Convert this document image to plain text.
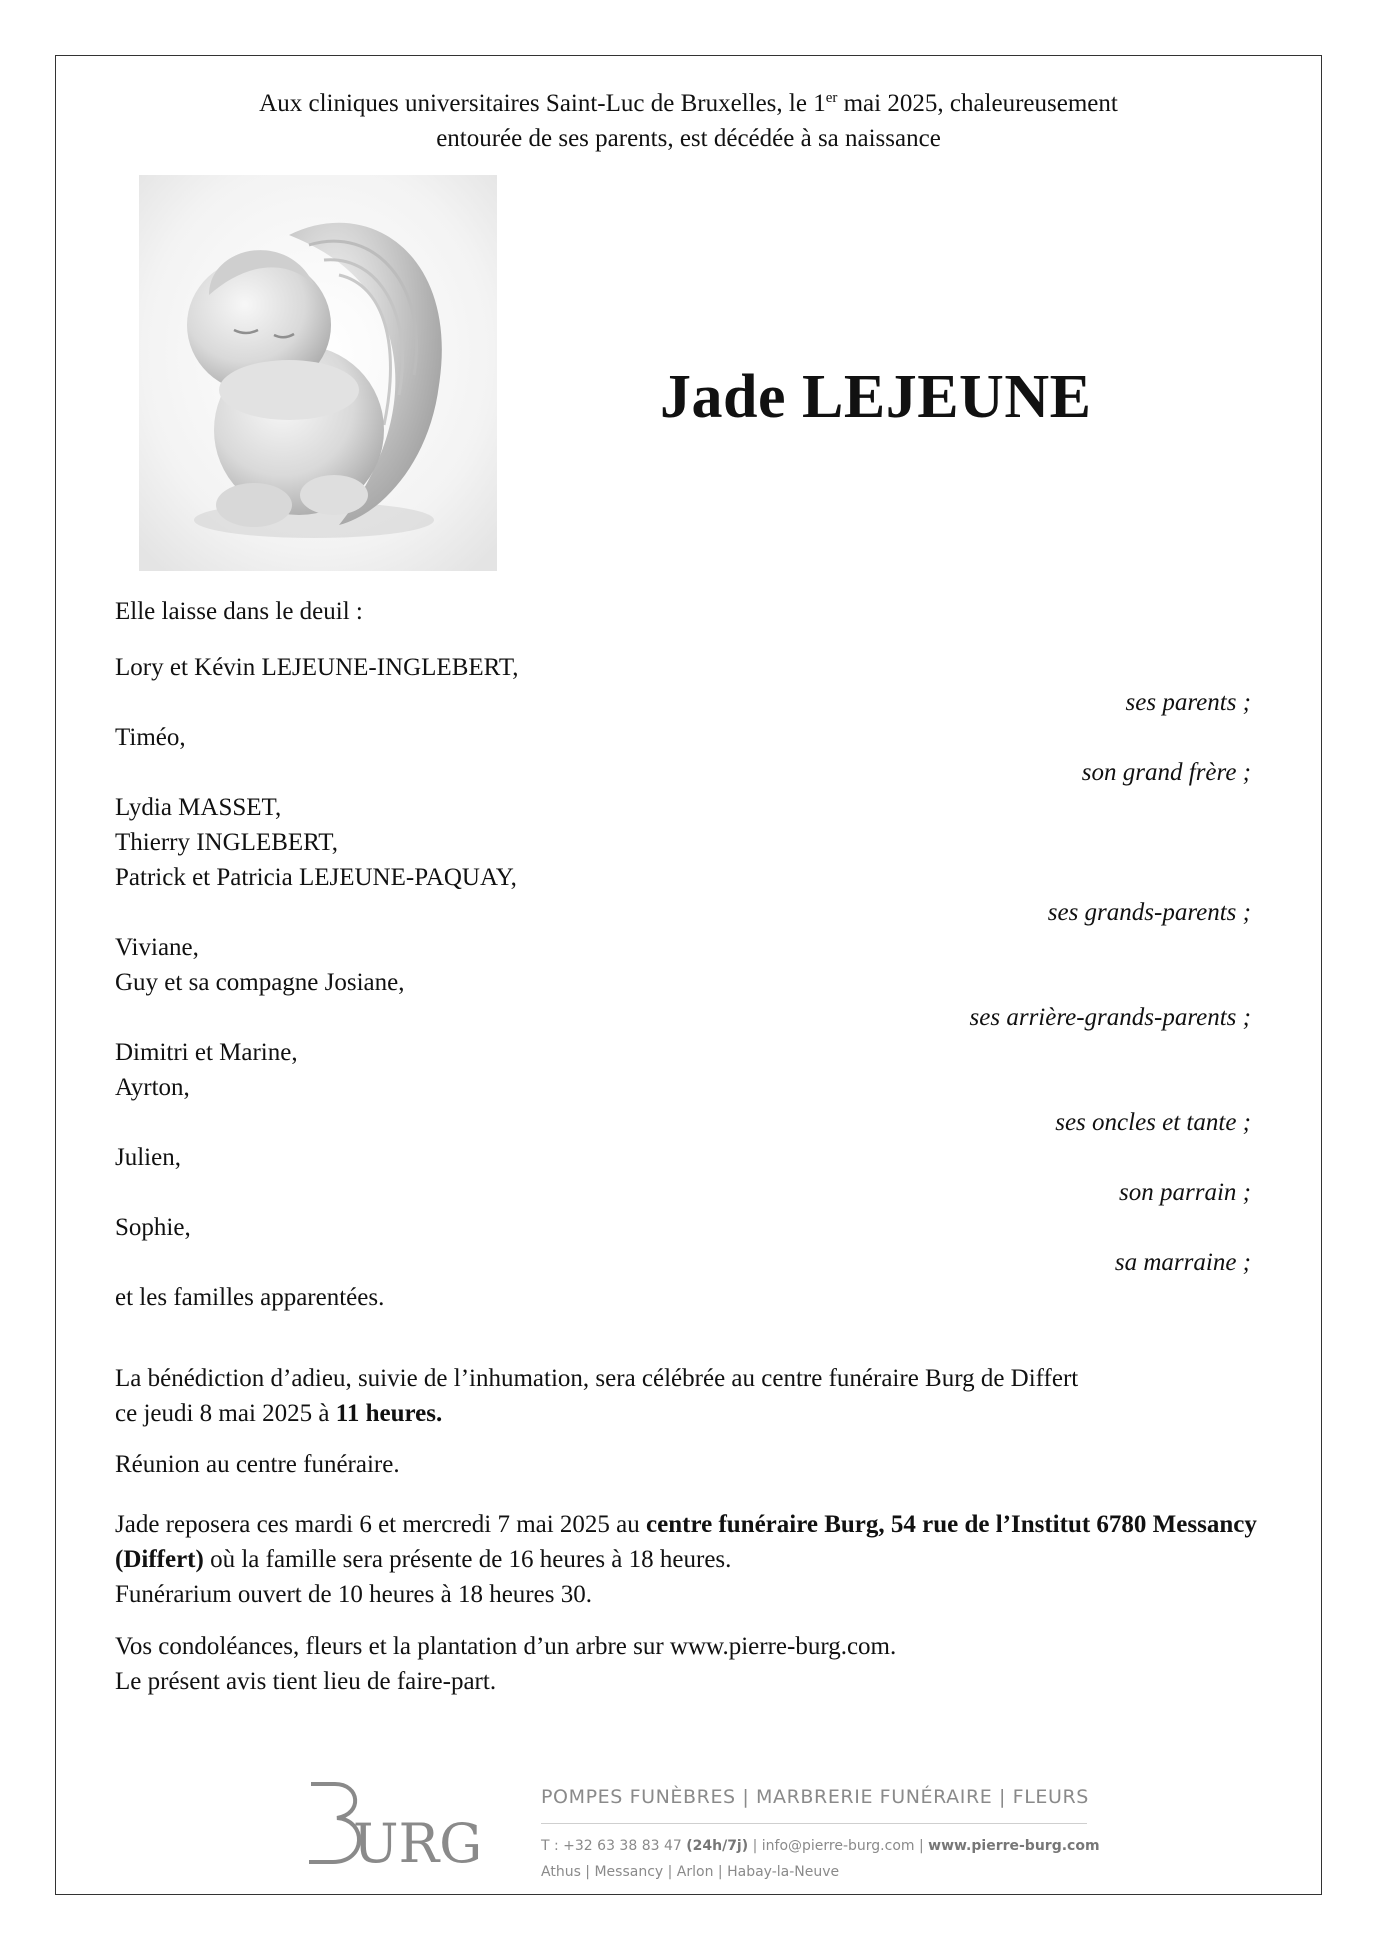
Aux cliniques universitaires Saint-Luc de Bruxelles, le 1er mai 2025, chaleureusement
entourée de ses parents, est décédée à sa naissance
Jade LEJEUNE
Elle laisse dans le deuil :
Lory et Kévin LEJEUNE-INGLEBERT,
ses parents ;
Timéo,
son grand frère ;
Lydia MASSET,
Thierry INGLEBERT,
Patrick et Patricia LEJEUNE-PAQUAY,
ses grands-parents ;
Viviane,
Guy et sa compagne Josiane,
ses arrière-grands-parents ;
Dimitri et Marine,
Ayrton,
ses oncles et tante ;
Julien,
son parrain ;
Sophie,
sa marraine ;
et les familles apparentées.
La bénédiction d’adieu, suivie de l’inhumation, sera célébrée au centre funéraire Burg de Differt
ce jeudi 8 mai 2025 à 11 heures.
Réunion au centre funéraire.
Jade reposera ces mardi 6 et mercredi 7 mai 2025 au centre funéraire Burg, 54 rue de l’Institut 6780 Messancy (Differt) où la famille sera présente de 16 heures à 18 heures.
Funérarium ouvert de 10 heures à 18 heures 30.
Vos condoléances, fleurs et la plantation d’un arbre sur www.pierre-burg.com.
Le présent avis tient lieu de faire-part.
URG
POMPES FUNÈBRES | MARBRERIE FUNÉRAIRE | FLEURS
T : +32 63 38 83 47 (24h/7j) | info@pierre-burg.com | www.pierre-burg.com
Athus | Messancy | Arlon | Habay-la-Neuve
